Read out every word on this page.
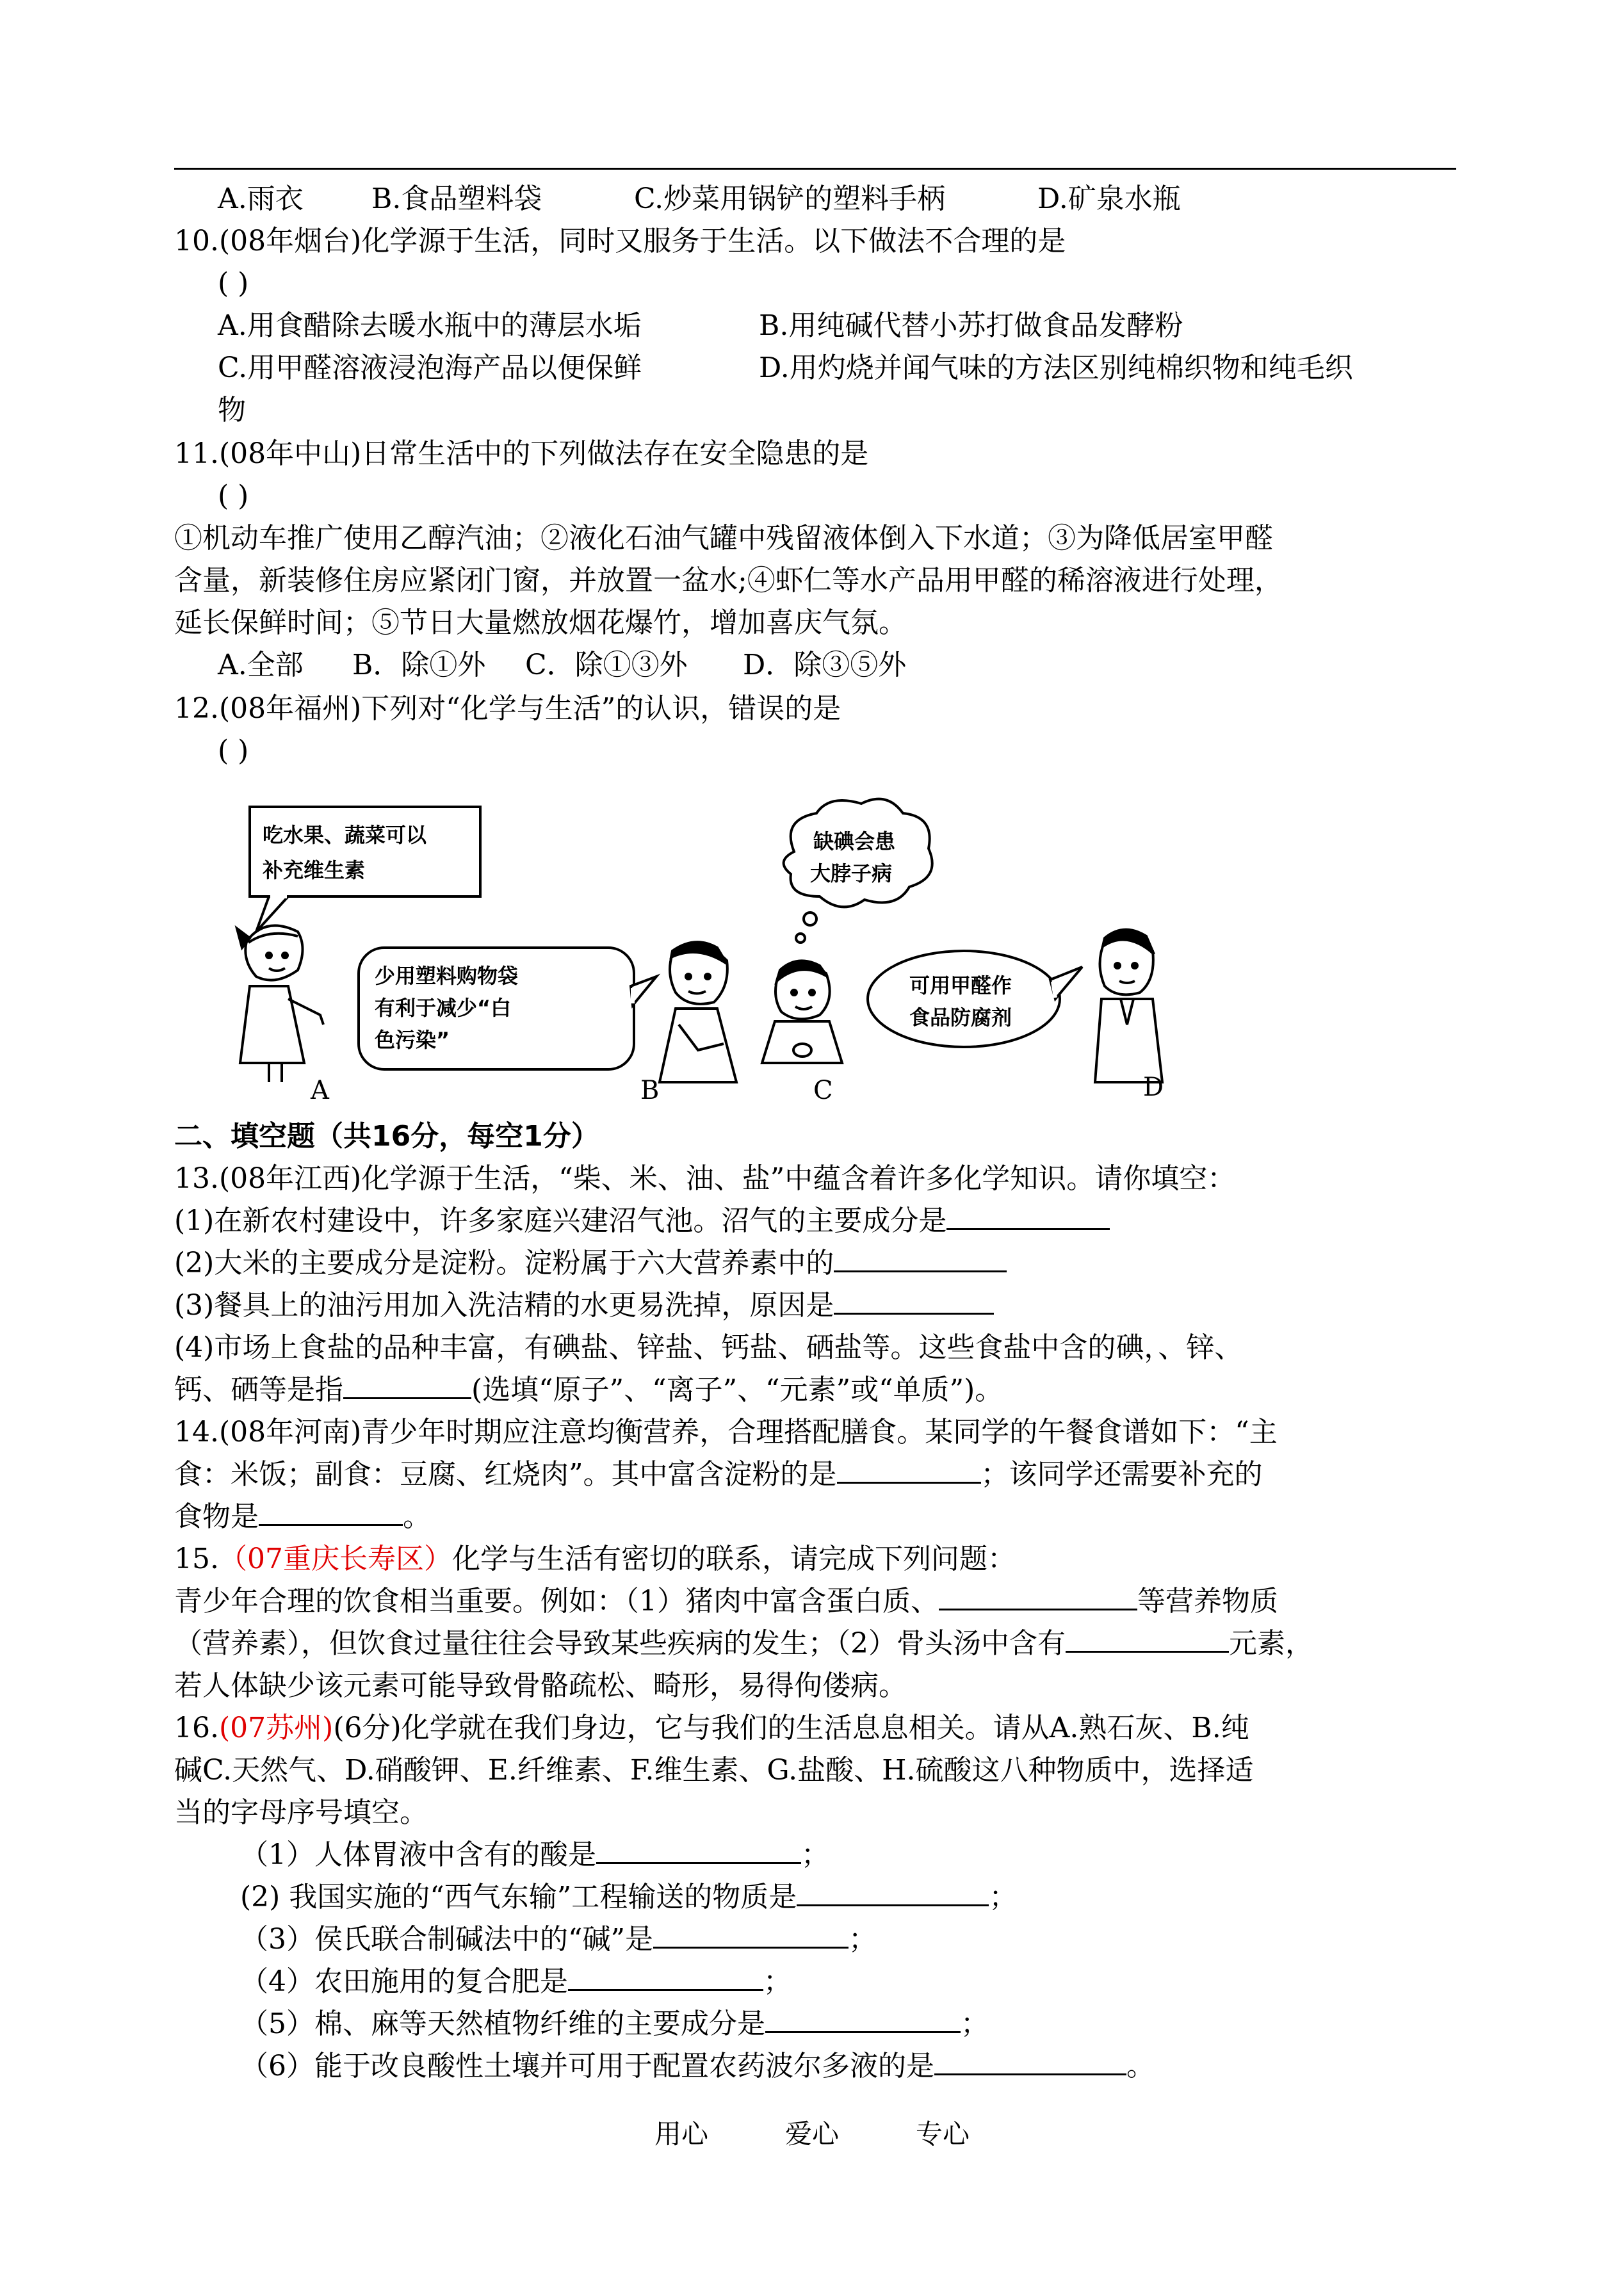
A.雨衣 B.食品塑料袋	C.炒菜用锅铲的塑料手柄	D.矿泉水瓶
10.(08年烟台)化学源于生活，同时又服务于生活。以下做法不合理的是
( )
A.用食醋除去暖水瓶中的薄层水垢	B.用纯碱代替小苏打做食品发酵粉
C.用甲醛溶液浸泡海产品以便保鲜	D.用灼烧并闻气味的方法区别纯棉织物和纯毛织
物
11.(08年中山)日常生活中的下列做法存在安全隐患的是
( )
①机动车推广使用乙醇汽油；②液化石油气罐中残留液体倒入下水道；③为降低居室甲醛
含量，新装修住房应紧闭门窗，并放置一盆水;④虾仁等水产品用甲醛的稀溶液进行处理，
延长保鲜时间；⑤节日大量燃放烟花爆竹，增加喜庆气氛。
A.全部 B．除①外 C．除①③外 D．除③⑤外
12.(08年福州)下列对“化学与生活”的认识，错误的是
( )
吃水果、蔬菜可以
补充维生素
少用塑料购物袋
有利于减少“白
色污染”
缺碘会患
大脖子病
可用甲醛作
食品防腐剂
A	B	C	D
二、填空题（共16分，每空1分）
13.(08年江西)化学源于生活，“柴、米、油、盐”中蕴含着许多化学知识。请你填空：
(1)在新农村建设中，许多家庭兴建沼气池。沼气的主要成分是
(2)大米的主要成分是淀粉。淀粉属于六大营养素中的
(3)餐具上的油污用加入洗洁精的水更易洗掉，原因是
(4)市场上食盐的品种丰富，有碘盐、锌盐、钙盐、硒盐等。这些食盐中含的碘，、锌、
钙、硒等是指	(选填“原子”、“离子”、“元素”或“单质”)。
14.(08年河南)青少年时期应注意均衡营养，合理搭配膳食。某同学的午餐食谱如下：“主
食：米饭；副食：豆腐、红烧肉”。其中富含淀粉的是	；该同学还需要补充的
食物是	。
15.（07重庆长寿区）化学与生活有密切的联系，请完成下列问题：
青少年合理的饮食相当重要。例如：（1）猪肉中富含蛋白质、	等营养物质
（营养素），但饮食过量往往会导致某些疾病的发生；（2）骨头汤中含有	元素，
若人体缺少该元素可能导致骨骼疏松、畸形，易得佝偻病。
16.(07苏州)(6分)化学就在我们身边，它与我们的生活息息相关。请从A.熟石灰、B.纯
碱C.天然气、D.硝酸钾、E.纤维素、F.维生素、G.盐酸、H.硫酸这八种物质中，选择适
当的字母序号填空。
（1）人体胃液中含有的酸是	；
(2) 我国实施的“西气东输”工程输送的物质是	；
（3）侯氏联合制碱法中的“碱”是	；
（4）农田施用的复合肥是	；
（5）棉、麻等天然植物纤维的主要成分是	；
（6）能于改良酸性土壤并可用于配置农药波尔多液的是	。
用心	爱心	专心
